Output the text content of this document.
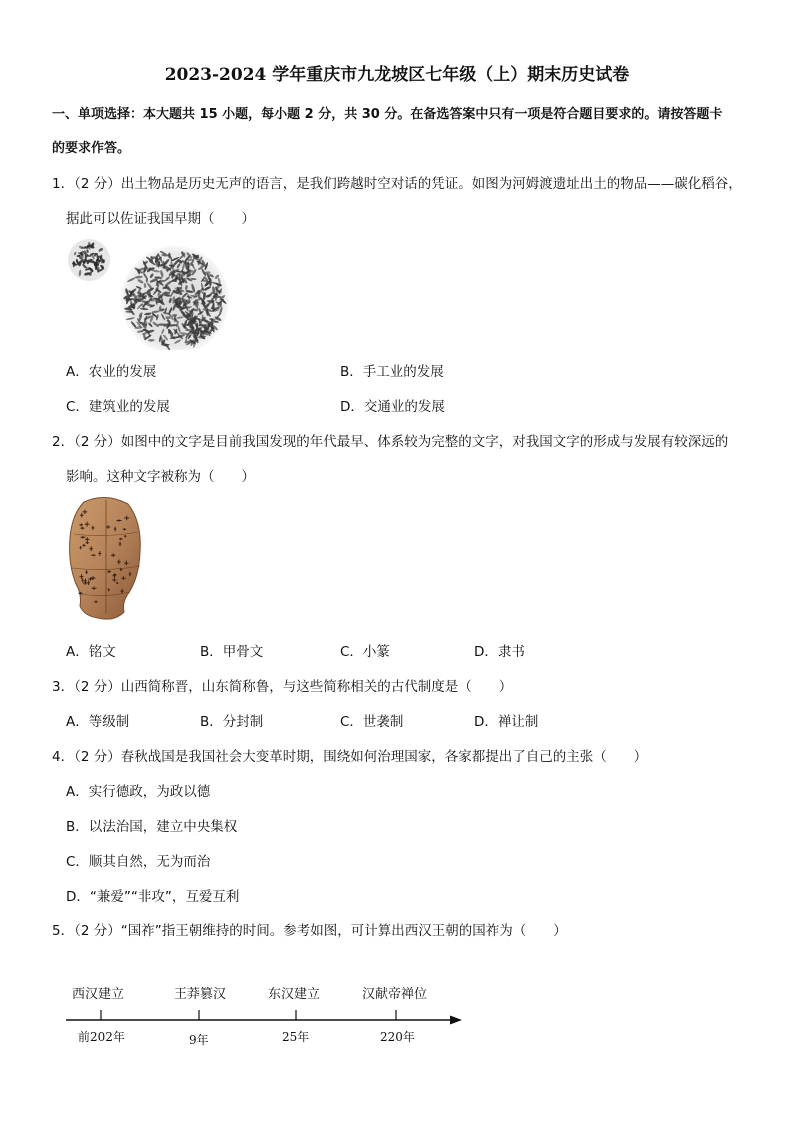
2023-2024 学年重庆市九龙坡区七年级（上）期末历史试卷
一、单项选择：本大题共 15 小题，每小题 2 分，共 30 分。在备选答案中只有一项是符合题目要求的。请按答题卡
的要求作答。
1．（2 分）出土物品是历史无声的语言，是我们跨越时空对话的凭证。如图为河姆渡遗址出土的物品——碳化稻谷，
据此可以佐证我国早期（　　）
A．农业的发展	B．手工业的发展
C．建筑业的发展	D．交通业的发展
2．（2 分）如图中的文字是目前我国发现的年代最早、体系较为完整的文字，对我国文字的形成与发展有较深远的
影响。这种文字被称为（　　）
A．铭文	B．甲骨文	C．小篆	D．隶书
3．（2 分）山西简称晋，山东简称鲁，与这些简称相关的古代制度是（　　）
A．等级制	B．分封制	C．世袭制	D．禅让制
4．（2 分）春秋战国是我国社会大变革时期，围绕如何治理国家，各家都提出了自己的主张（　　）
A．实行德政，为政以德
B．以法治国，建立中央集权
C．顺其自然，无为而治
D．“兼爱”“非攻”，互爱互利
5．（2 分）“国祚”指王朝维持的时间。参考如图，可计算出西汉王朝的国祚为（　　）
西汉建立	王莽篡汉	东汉建立	汉献帝禅位
前202年	9年	25年	220年
